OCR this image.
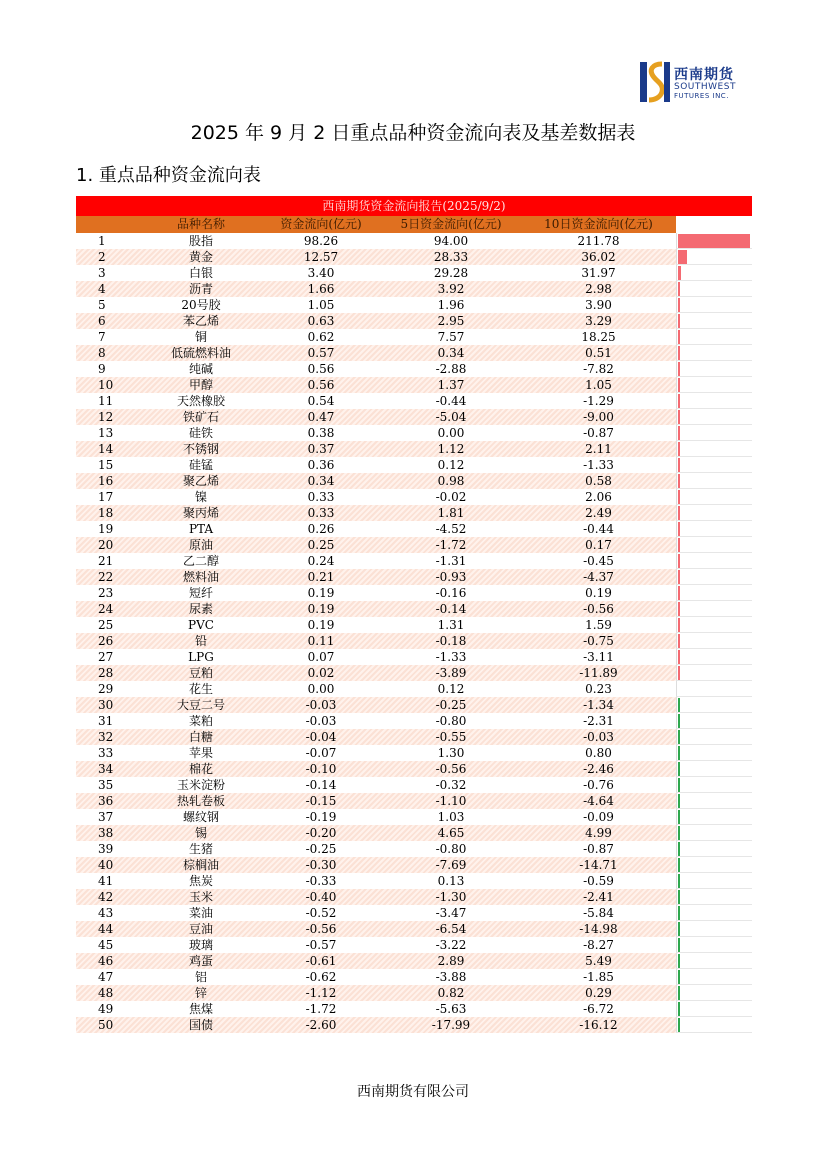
西南期货
SOUTHWEST
FUTURES INC.
2025 年 9 月 2 日重点品种资金流向表及基差数据表
1. 重点品种资金流向表
西南期货资金流向报告(2025/9/2)
品种名称	资金流向(亿元)	5日资金流向(亿元)	10日资金流向(亿元)
1	股指	98.26	94.00	211.78
2	黄金	12.57	28.33	36.02
3	白银	3.40	29.28	31.97
4	沥青	1.66	3.92	2.98
5	20号胶	1.05	1.96	3.90
6	苯乙烯	0.63	2.95	3.29
7	铜	0.62	7.57	18.25
8	低硫燃料油	0.57	0.34	0.51
9	纯碱	0.56	-2.88	-7.82
10	甲醇	0.56	1.37	1.05
11	天然橡胶	0.54	-0.44	-1.29
12	铁矿石	0.47	-5.04	-9.00
13	硅铁	0.38	0.00	-0.87
14	不锈钢	0.37	1.12	2.11
15	硅锰	0.36	0.12	-1.33
16	聚乙烯	0.34	0.98	0.58
17	镍	0.33	-0.02	2.06
18	聚丙烯	0.33	1.81	2.49
19	PTA	0.26	-4.52	-0.44
20	原油	0.25	-1.72	0.17
21	乙二醇	0.24	-1.31	-0.45
22	燃料油	0.21	-0.93	-4.37
23	短纤	0.19	-0.16	0.19
24	尿素	0.19	-0.14	-0.56
25	PVC	0.19	1.31	1.59
26	铅	0.11	-0.18	-0.75
27	LPG	0.07	-1.33	-3.11
28	豆粕	0.02	-3.89	-11.89
29	花生	0.00	0.12	0.23
30	大豆二号	-0.03	-0.25	-1.34
31	菜粕	-0.03	-0.80	-2.31
32	白糖	-0.04	-0.55	-0.03
33	苹果	-0.07	1.30	0.80
34	棉花	-0.10	-0.56	-2.46
35	玉米淀粉	-0.14	-0.32	-0.76
36	热轧卷板	-0.15	-1.10	-4.64
37	螺纹钢	-0.19	1.03	-0.09
38	锡	-0.20	4.65	4.99
39	生猪	-0.25	-0.80	-0.87
40	棕榈油	-0.30	-7.69	-14.71
41	焦炭	-0.33	0.13	-0.59
42	玉米	-0.40	-1.30	-2.41
43	菜油	-0.52	-3.47	-5.84
44	豆油	-0.56	-6.54	-14.98
45	玻璃	-0.57	-3.22	-8.27
46	鸡蛋	-0.61	2.89	5.49
47	铝	-0.62	-3.88	-1.85
48	锌	-1.12	0.82	0.29
49	焦煤	-1.72	-5.63	-6.72
50	国债	-2.60	-17.99	-16.12
西南期货有限公司
